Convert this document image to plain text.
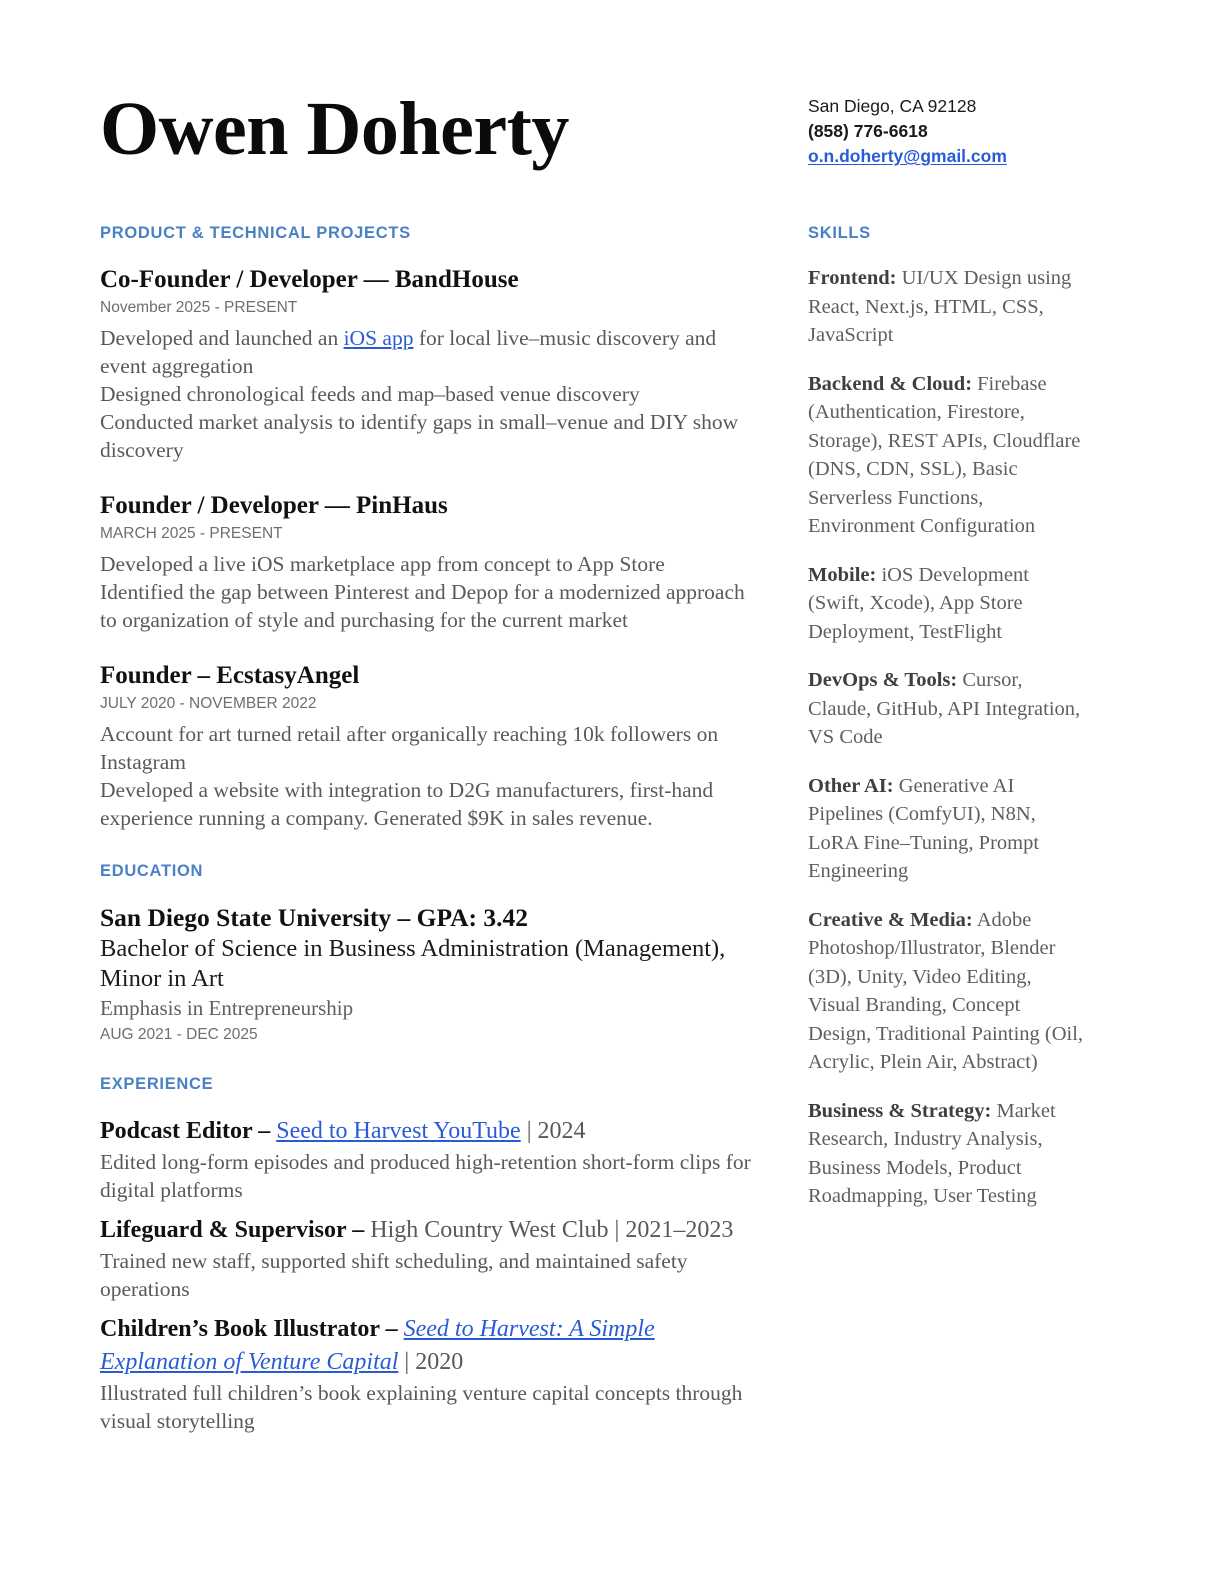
Owen Doherty	San Diego, CA 92128
(858) 776-6618
o.n.doherty@gmail.com
PRODUCT & TECHNICAL PROJECTS
Co-Founder / Developer — BandHouse
November 2025 - PRESENT

Developed and launched an iOS app for local live–music discovery and event aggregation

Designed chronological feeds and map–based venue discovery

Conducted market analysis to identify gaps in small–venue and DIY show discovery

Founder / Developer — PinHaus
MARCH 2025 - PRESENT

Developed a live iOS marketplace app from concept to App Store

Identified the gap between Pinterest and Depop for a modernized approach to organization of style and purchasing for the current market

Founder – EcstasyAngel
JULY 2020 - NOVEMBER 2022

Account for art turned retail after organically reaching 10k followers on Instagram

Developed a website with integration to D2G manufacturers, first-hand experience running a company. Generated $9K in sales revenue.

EDUCATION

San Diego State University – GPA: 3.42

Bachelor of Science in Business Administration (Management), Minor in Art

Emphasis in Entrepreneurship

AUG 2021 - DEC 2025

EXPERIENCE

Podcast Editor – Seed to Harvest YouTube | 2024

Edited long-form episodes and produced high-retention short-form clips for digital platforms

Lifeguard & Supervisor – High Country West Club | 2021–2023

Trained new staff, supported shift scheduling, and maintained safety operations

Children’s Book Illustrator – Seed to Harvest: A Simple Explanation of Venture Capital | 2020

Illustrated full children’s book explaining venture capital concepts through visual storytelling

SKILLS

Frontend: UI/UX Design using React, Next.js, HTML, CSS, JavaScript

Backend & Cloud: Firebase (Authentication, Firestore, Storage), REST APIs, Cloudflare (DNS, CDN, SSL), Basic Serverless Functions, Environment Configuration

Mobile: iOS Development (Swift, Xcode), App Store Deployment, TestFlight

DevOps & Tools: Cursor, Claude, GitHub, API Integration, VS Code

Other AI: Generative AI Pipelines (ComfyUI), N8N, LoRA Fine–Tuning, Prompt Engineering

Creative & Media: Adobe Photoshop/Illustrator, Blender (3D), Unity, Video Editing, Visual Branding, Concept Design, Traditional Painting (Oil, Acrylic, Plein Air, Abstract)

Business & Strategy: Market Research, Industry Analysis, Business Models, Product Roadmapping, User Testing
